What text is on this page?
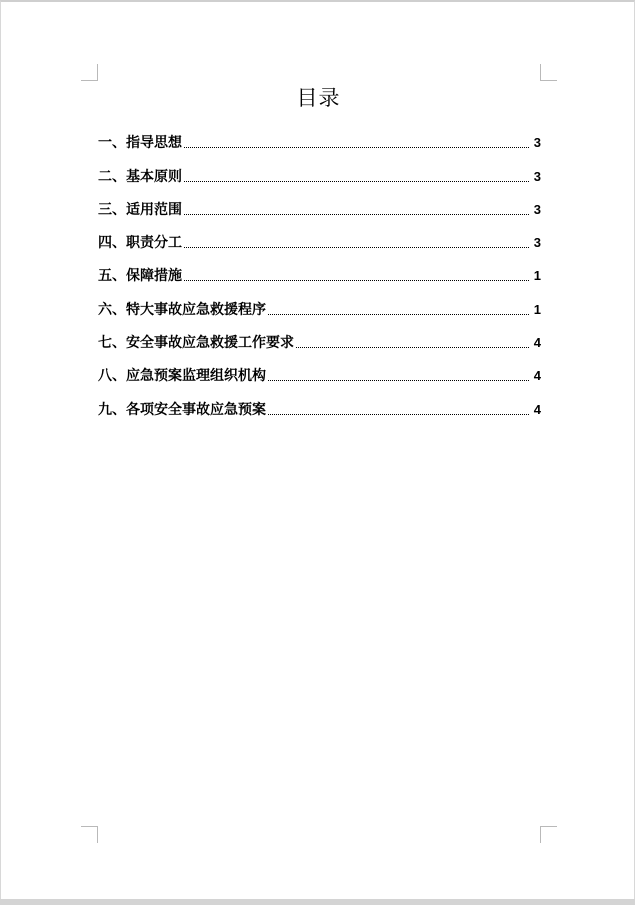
目录
一、指导思想	3
二、基本原则	3
三、适用范围	3
四、职责分工	3
五、保障措施	1
六、特大事故应急救援程序	1
七、安全事故应急救援工作要求	4
八、应急预案监理组织机构	4
九、各项安全事故应急预案	4
